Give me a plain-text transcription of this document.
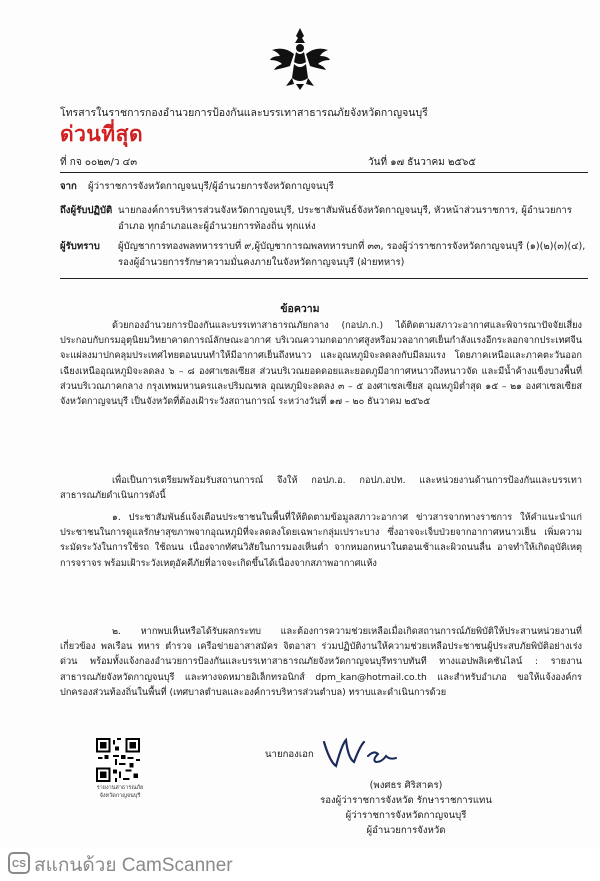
โทรสารในราชการกองอำนวยการป้องกันและบรรเทาสาธารณภัยจังหวัดกาญจนบุรี
ด่วนที่สุด
ที่ กจ ๐๐๒๓/ว ๔๓	วันที่ ๑๗ ธันวาคม ๒๕๖๕
จาก ผู้ว่าราชการจังหวัดกาญจนบุรี/ผู้อำนวยการจังหวัดกาญจนบุรี
ถึงผู้รับปฏิบัติ นายกองค์การบริหารส่วนจังหวัดกาญจนบุรี, ประชาสัมพันธ์จังหวัดกาญจนบุรี, หัวหน้าส่วนราชการ, ผู้อำนวยการอำเภอ ทุกอำเภอและผู้อำนวยการท้องถิ่น ทุกแห่ง
ผู้รับทราบ ผู้บัญชาการทองพลทหารราบที่ ๙,ผู้บัญชาการฌพลทหารบกที่ ๓๓, รองผู้ว่าราชการจังหวัดกาญจนบุรี (๑)(๒)(๓)(๔), รองผู้อำนวยการรักษาความมั่นคงภายในจังหวัดกาญจนบุรี (ฝ่ายทหาร)
ข้อความ

ด้วยกองอำนวยการป้องกันและบรรเทาสาธารณภัยกลาง (กอปภ.ก.) ได้ติดตามสภาวะอากาศและพิจารณาปัจจัยเสี่ยง ประกอบกับกรมอุตุนิยมวิทยาคาดการณ์ลักษณะอากาศ บริเวณความกดอากาศสูงหรือมวลอากาศเย็นกำลังแรงอีกระลอกจากประเทศจีนจะแผ่ลงมาปกคลุมประเทศไทยตอนบนทำให้มีอากาศเย็นถึงหนาว และอุณหภูมิจะลดลงกับมีลมแรง โดยภาคเหนือและภาคตะวันออกเฉียงเหนืออุณหภูมิจะลดลง ๖ – ๘ องศาเซลเซียส ส่วนบริเวณยอดดอยและยอดภูมีอากาศหนาวถึงหนาวจัด และมีน้ำค้างแข็งบางพื้นที่ ส่วนบริเวณภาคกลาง กรุงเทพมหานครและปริมณฑล อุณหภูมิจะลดลง ๓ – ๕ องศาเซลเซียส อุณหภูมิต่ำสุด ๑๕ – ๒๑ องศาเซลเซียส จังหวัดกาญจนบุรี เป็นจังหวัดที่ต้องเฝ้าระวังสถานการณ์ ระหว่างวันที่ ๑๗ – ๒๐ ธันวาคม ๒๕๖๕

เพื่อเป็นการเตรียมพร้อมรับสถานการณ์ จึงให้ กอปภ.อ. กอปภ.อปท. และหน่วยงานด้านการป้องกันและบรรเทาสาธารณภัยดำเนินการดังนี้

๑. ประชาสัมพันธ์แจ้งเตือนประชาชนในพื้นที่ให้ติดตามข้อมูลสภาวะอากาศ ข่าวสารจากทางราชการ ให้คำแนะนำแก่ประชาชนในการดูแลรักษาสุขภาพจากอุณหภูมิที่จะลดลงโดยเฉพาะกลุ่มเปราะบาง ซึ่งอาจจะเจ็บป่วยจากอากาศหนาวเย็น เพิ่มความระมัดระวังในการใช้รถ ใช้ถนน เนื่องจากทัศนวิสัยในการมองเห็นต่ำ จากหมอกหนาในตอนเช้าและผิวถนนลื่น อาจทำให้เกิดอุบัติเหตุการจราจร พร้อมเฝ้าระวังเหตุอัคคีภัยที่อาจจะเกิดขึ้นได้เนื่องจากสภาพอากาศแห้ง

๒. หากพบเห็นหรือได้รับผลกระทบ และต้องการความช่วยเหลือเมื่อเกิดสถานการณ์ภัยพิบัติให้ประสานหน่วยงานที่เกี่ยวข้อง พลเรือน ทหาร ตำรวจ เครือข่ายอาสาสมัคร จิตอาสา ร่วมปฏิบัติงานให้ความช่วยเหลือประชาชนผู้ประสบภัยพิบัติอย่างเร่งด่วน พร้อมทั้งแจ้งกองอำนวยการป้องกันและบรรเทาสาธารณภัยจังหวัดกาญจนบุรีทราบทันที ทางแอปพลิเคชันไลน์ : รายงานสาธารณภัยจังหวัดกาญจนบุรี และทางจดหมายอิเล็กทรอนิกส์ dpm_kan@hotmail.co.th และสำหรับอำเภอ ขอให้แจ้งองค์กรปกครองส่วนท้องถิ่นในพื้นที่ (เทศบาลตำบลและองค์การบริหารส่วนตำบล) ทราบและดำเนินการด้วย

รายงานสาธารณภัย
จังหวัดกาญจนบุรี
นายกองเอก
(พงศธร ศิริสาคร)
รองผู้ว่าราชการจังหวัด รักษาราชการแทน
ผู้ว่าราชการจังหวัดกาญจนบุรี
ผู้อำนวยการจังหวัด
CS สแกนด้วย CamScanner
